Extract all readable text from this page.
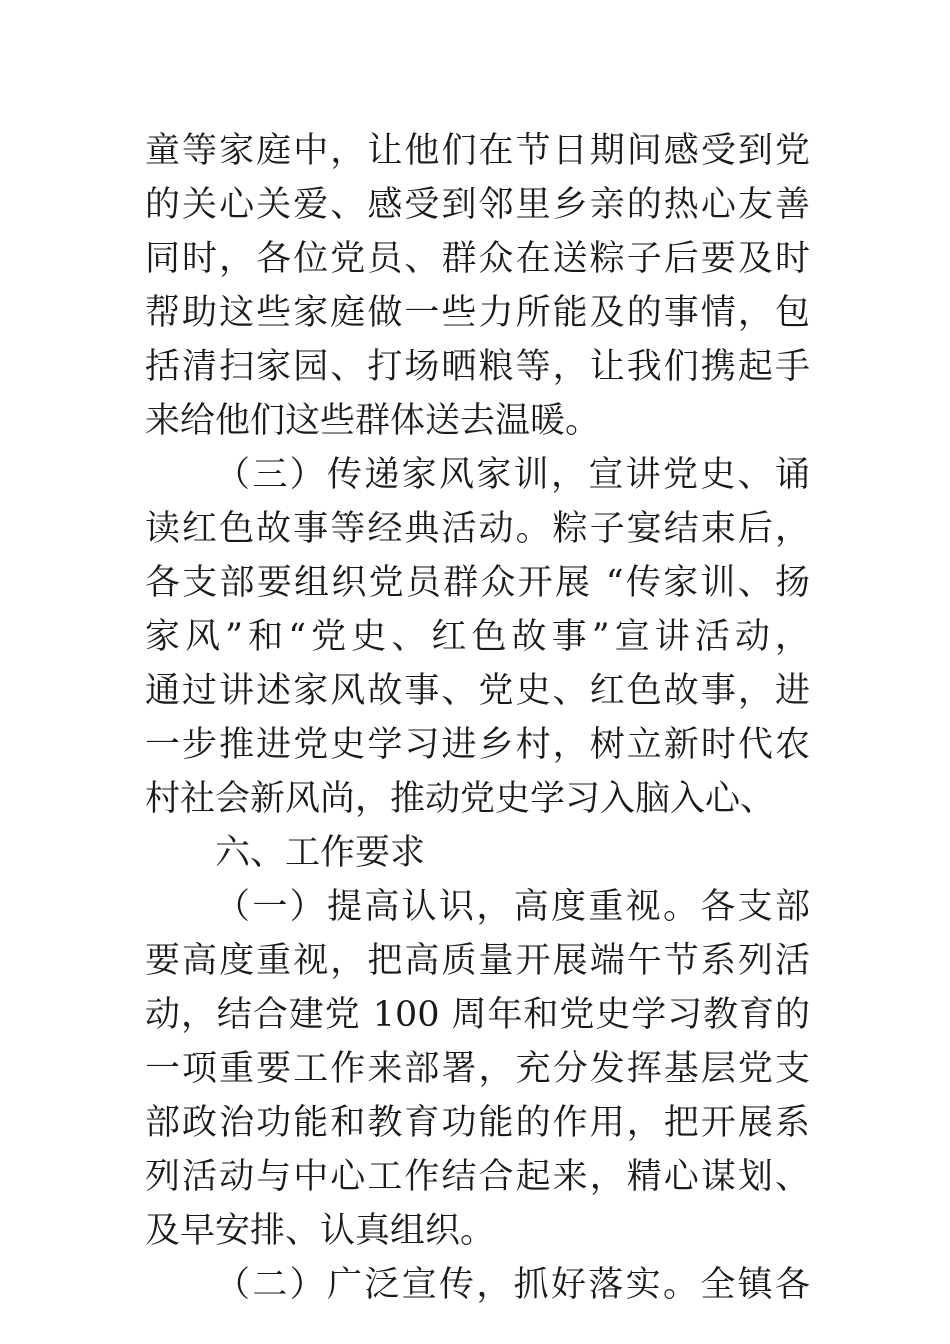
童等家庭中，让他们在节日期间感受到党
的关心关爱、感受到邻里乡亲的热心友善
同时，各位党员、群众在送粽子后要及时
帮助这些家庭做一些力所能及的事情，包
括清扫家园、打场晒粮等，让我们携起手
来给他们这些群体送去温暖。
（三）传递家风家训，宣讲党史、诵
读红色故事等经典活动。粽子宴结束后，
各支部要组织党员群众开展 “传家训、扬
家风”和“党史、红色故事”宣讲活动，
通过讲述家风故事、党史、红色故事，进
一步推进党史学习进乡村，树立新时代农
村社会新风尚，推动党史学习入脑入心、
六、工作要求
（一）提高认识，高度重视。各支部
要高度重视，把高质量开展端午节系列活
动，结合建党 100 周年和党史学习教育的
一项重要工作来部署，充分发挥基层党支
部政治功能和教育功能的作用，把开展系
列活动与中心工作结合起来，精心谋划、
及早安排、认真组织。
（二）广泛宣传，抓好落实。全镇各
